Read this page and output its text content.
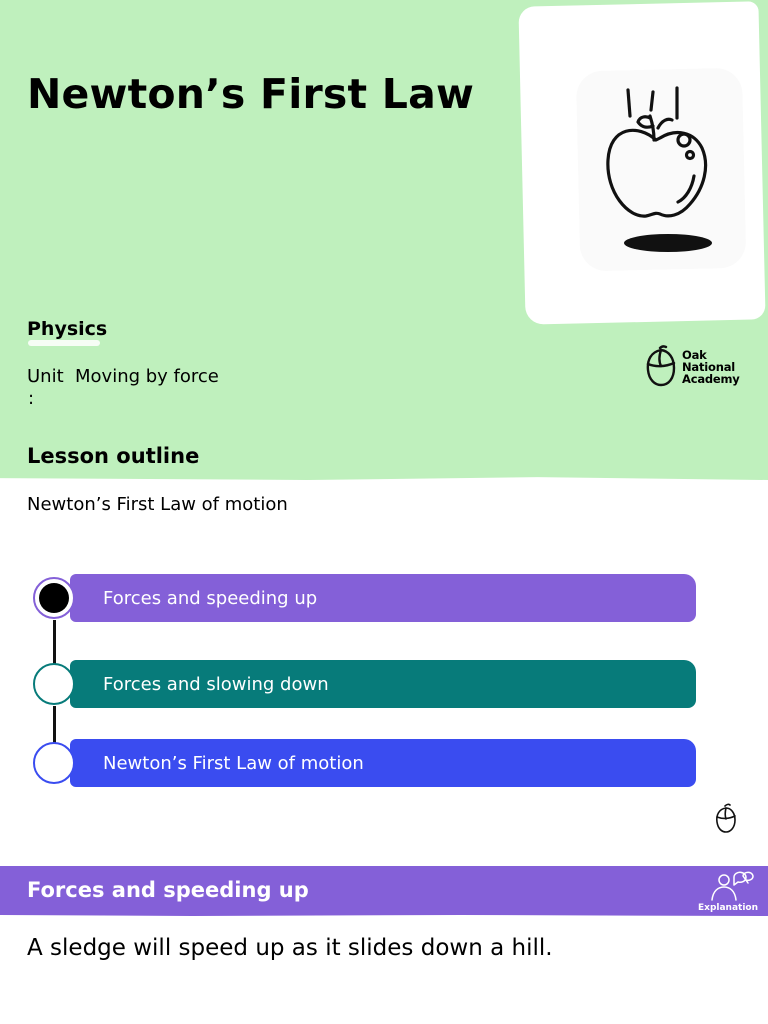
Newton’s First Law
Physics
Unit
:
Moving by force
Oak
National
Academy
Lesson outline
Newton’s First Law of motion
Forces and speeding up
Forces and slowing down
Newton’s First Law of motion
Forces and speeding up
Explanation
A sledge will speed up as it slides down a hill.
